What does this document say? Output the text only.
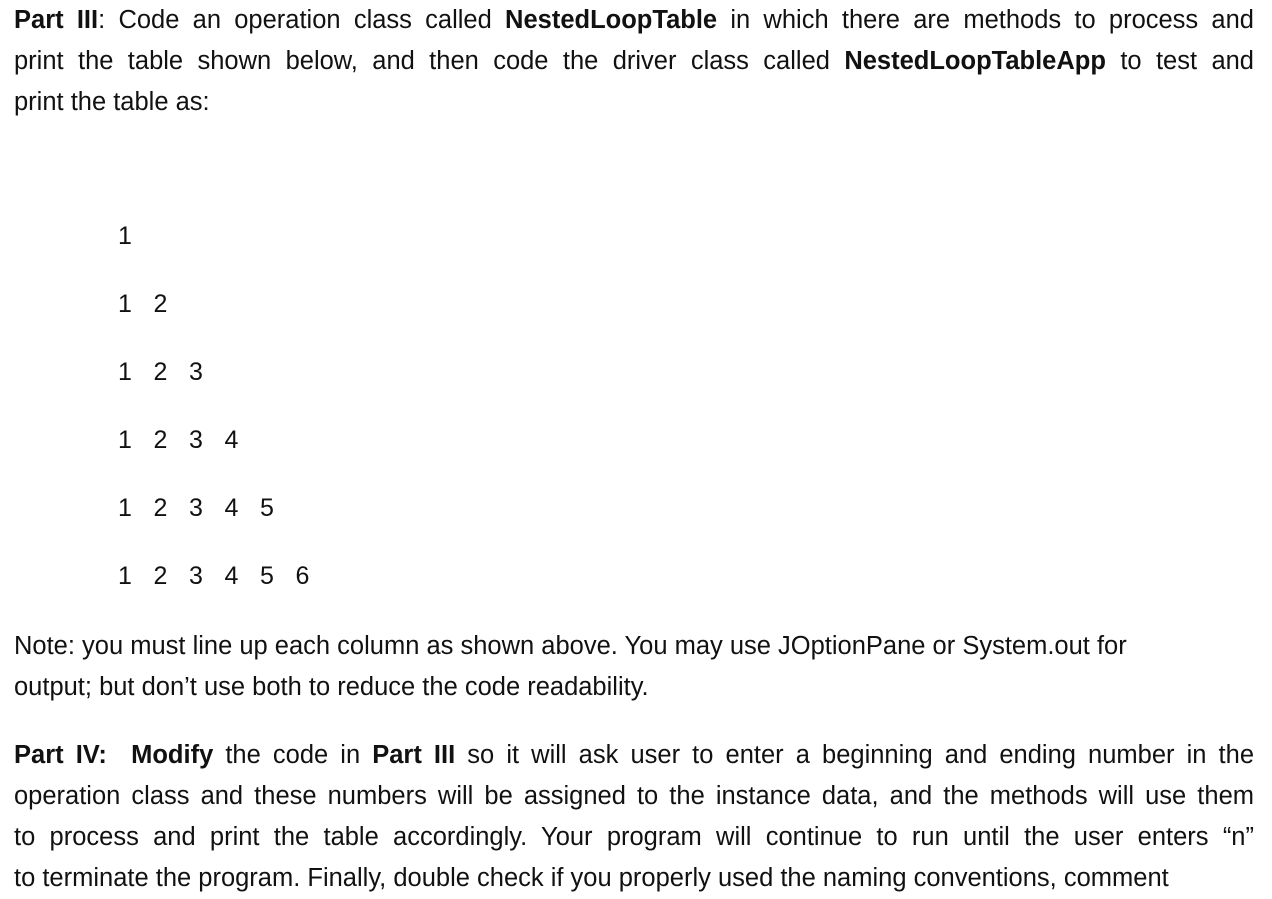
Part III: Code an operation class called NestedLoopTable in which there are methods to process and
print the table shown below, and then code the driver class called NestedLoopTableApp to test and
print the table as:
1
1 2
1 2 3
1 2 3 4
1 2 3 4 5
1 2 3 4 5 6
Note: you must line up each column as shown above. You may use JOptionPane or System.out for
output; but don’t use both to reduce the code readability.
Part IV: Modify the code in Part III so it will ask user to enter a beginning and ending number in the
operation class and these numbers will be assigned to the instance data, and the methods will use them
to process and print the table accordingly. Your program will continue to run until the user enters “n”
to terminate the program. Finally, double check if you properly used the naming conventions, comment
